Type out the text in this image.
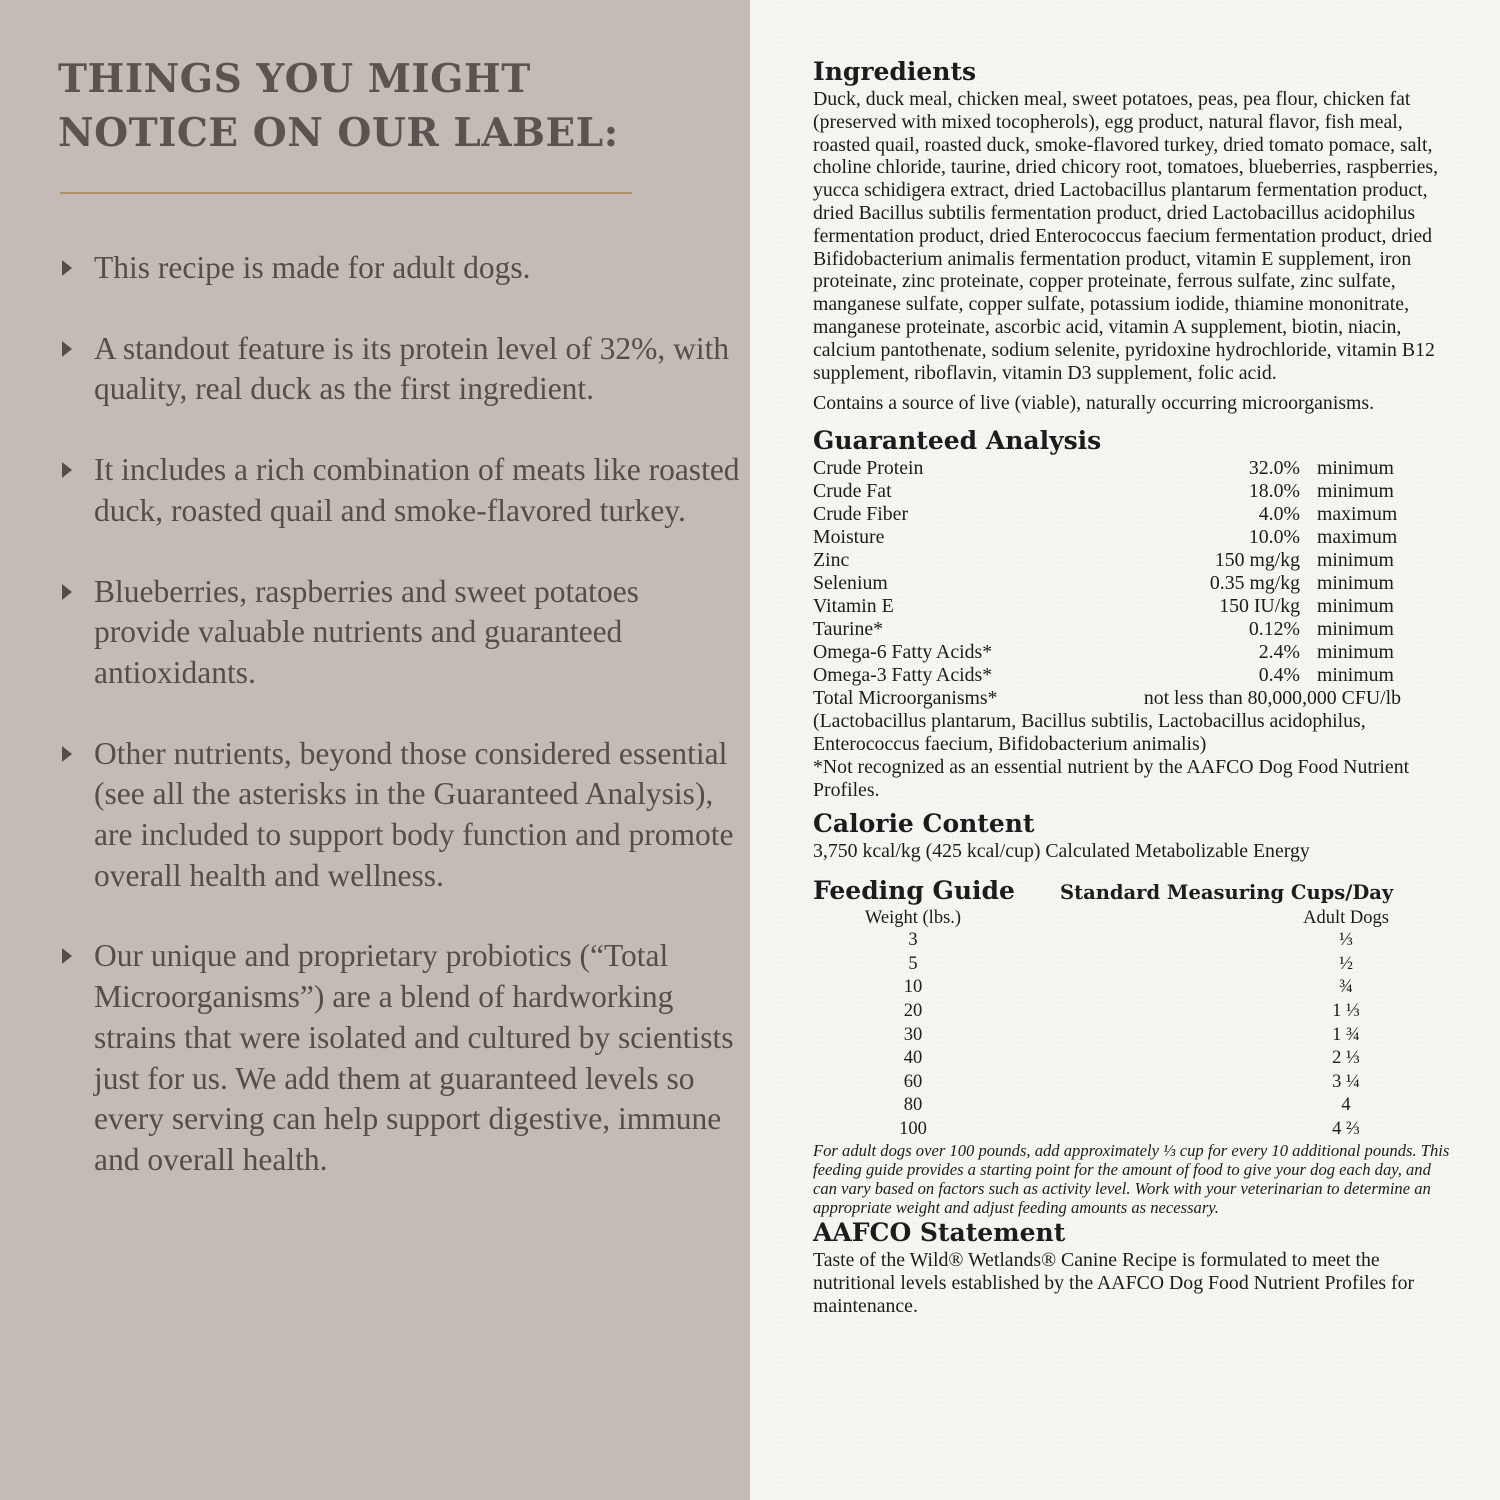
THINGS YOU MIGHT
NOTICE ON OUR LABEL:
This recipe is made for adult dogs.
A standout feature is its protein level of 32%, with quality, real duck as the first ingredient.
It includes a rich combination of meats like roasted duck, roasted quail and smoke-flavored turkey.
Blueberries, raspberries and sweet potatoes provide valuable nutrients and guaranteed antioxidants.
Other nutrients, beyond those considered essential (see all the asterisks in the Guaranteed Analysis), are included to support body function and promote overall health and wellness.
Our unique and proprietary probiotics (“Total Microorganisms”) are a blend of hardworking strains that were isolated and cultured by scientists just for us. We add them at guaranteed levels so every serving can help support digestive, immune and overall health.
Ingredients

Duck, duck meal, chicken meal, sweet potatoes, peas, pea flour, chicken fat (preserved with mixed tocopherols), egg product, natural flavor, fish meal, roasted quail, roasted duck, smoke-flavored turkey, dried tomato pomace, salt, choline chloride, taurine, dried chicory root, tomatoes, blueberries, raspberries, yucca schidigera extract, dried Lactobacillus plantarum fermentation product, dried Bacillus subtilis fermentation product, dried Lactobacillus acidophilus fermentation product, dried Enterococcus faecium fermentation product, dried Bifidobacterium animalis fermentation product, vitamin E supplement, iron proteinate, zinc proteinate, copper proteinate, ferrous sulfate, zinc sulfate, manganese sulfate, copper sulfate, potassium iodide, thiamine mononitrate, manganese proteinate, ascorbic acid, vitamin A supplement, biotin, niacin, calcium pantothenate, sodium selenite, pyridoxine hydrochloride, vitamin B12 supplement, riboflavin, vitamin D3 supplement, folic acid.

Contains a source of live (viable), naturally occurring microorganisms.

Guaranteed Analysis
Crude Protein	32.0% minimum
Crude Fat	18.0% minimum
Crude Fiber	4.0% maximum
Moisture	10.0% maximum
Zinc	150 mg/kg minimum
Selenium	0.35 mg/kg minimum
Vitamin E	150 IU/kg minimum
Taurine*	0.12% minimum
Omega-6 Fatty Acids*	2.4% minimum
Omega-3 Fatty Acids*	0.4% minimum
Total Microorganisms*	not less than 80,000,000 CFU/lb

(Lactobacillus plantarum, Bacillus subtilis, Lactobacillus acidophilus, Enterococcus faecium, Bifidobacterium animalis)

*Not recognized as an essential nutrient by the AAFCO Dog Food Nutrient Profiles.

Calorie Content

3,750 kcal/kg (425 kcal/cup) Calculated Metabolizable Energy

Feeding Guide	Standard Measuring Cups/Day
Weight (lbs.)	Adult Dogs
3	⅓
5	½
10	¾
20	1 ⅓
30	1 ¾
40	2 ⅓
60	3 ¼
80	4
100	4 ⅔

For adult dogs over 100 pounds, add approximately ⅓ cup for every 10 additional pounds. This feeding guide provides a starting point for the amount of food to give your dog each day, and can vary based on factors such as activity level. Work with your veterinarian to determine an appropriate weight and adjust feeding amounts as necessary.

AAFCO Statement

Taste of the Wild® Wetlands® Canine Recipe is formulated to meet the nutritional levels established by the AAFCO Dog Food Nutrient Profiles for maintenance.
